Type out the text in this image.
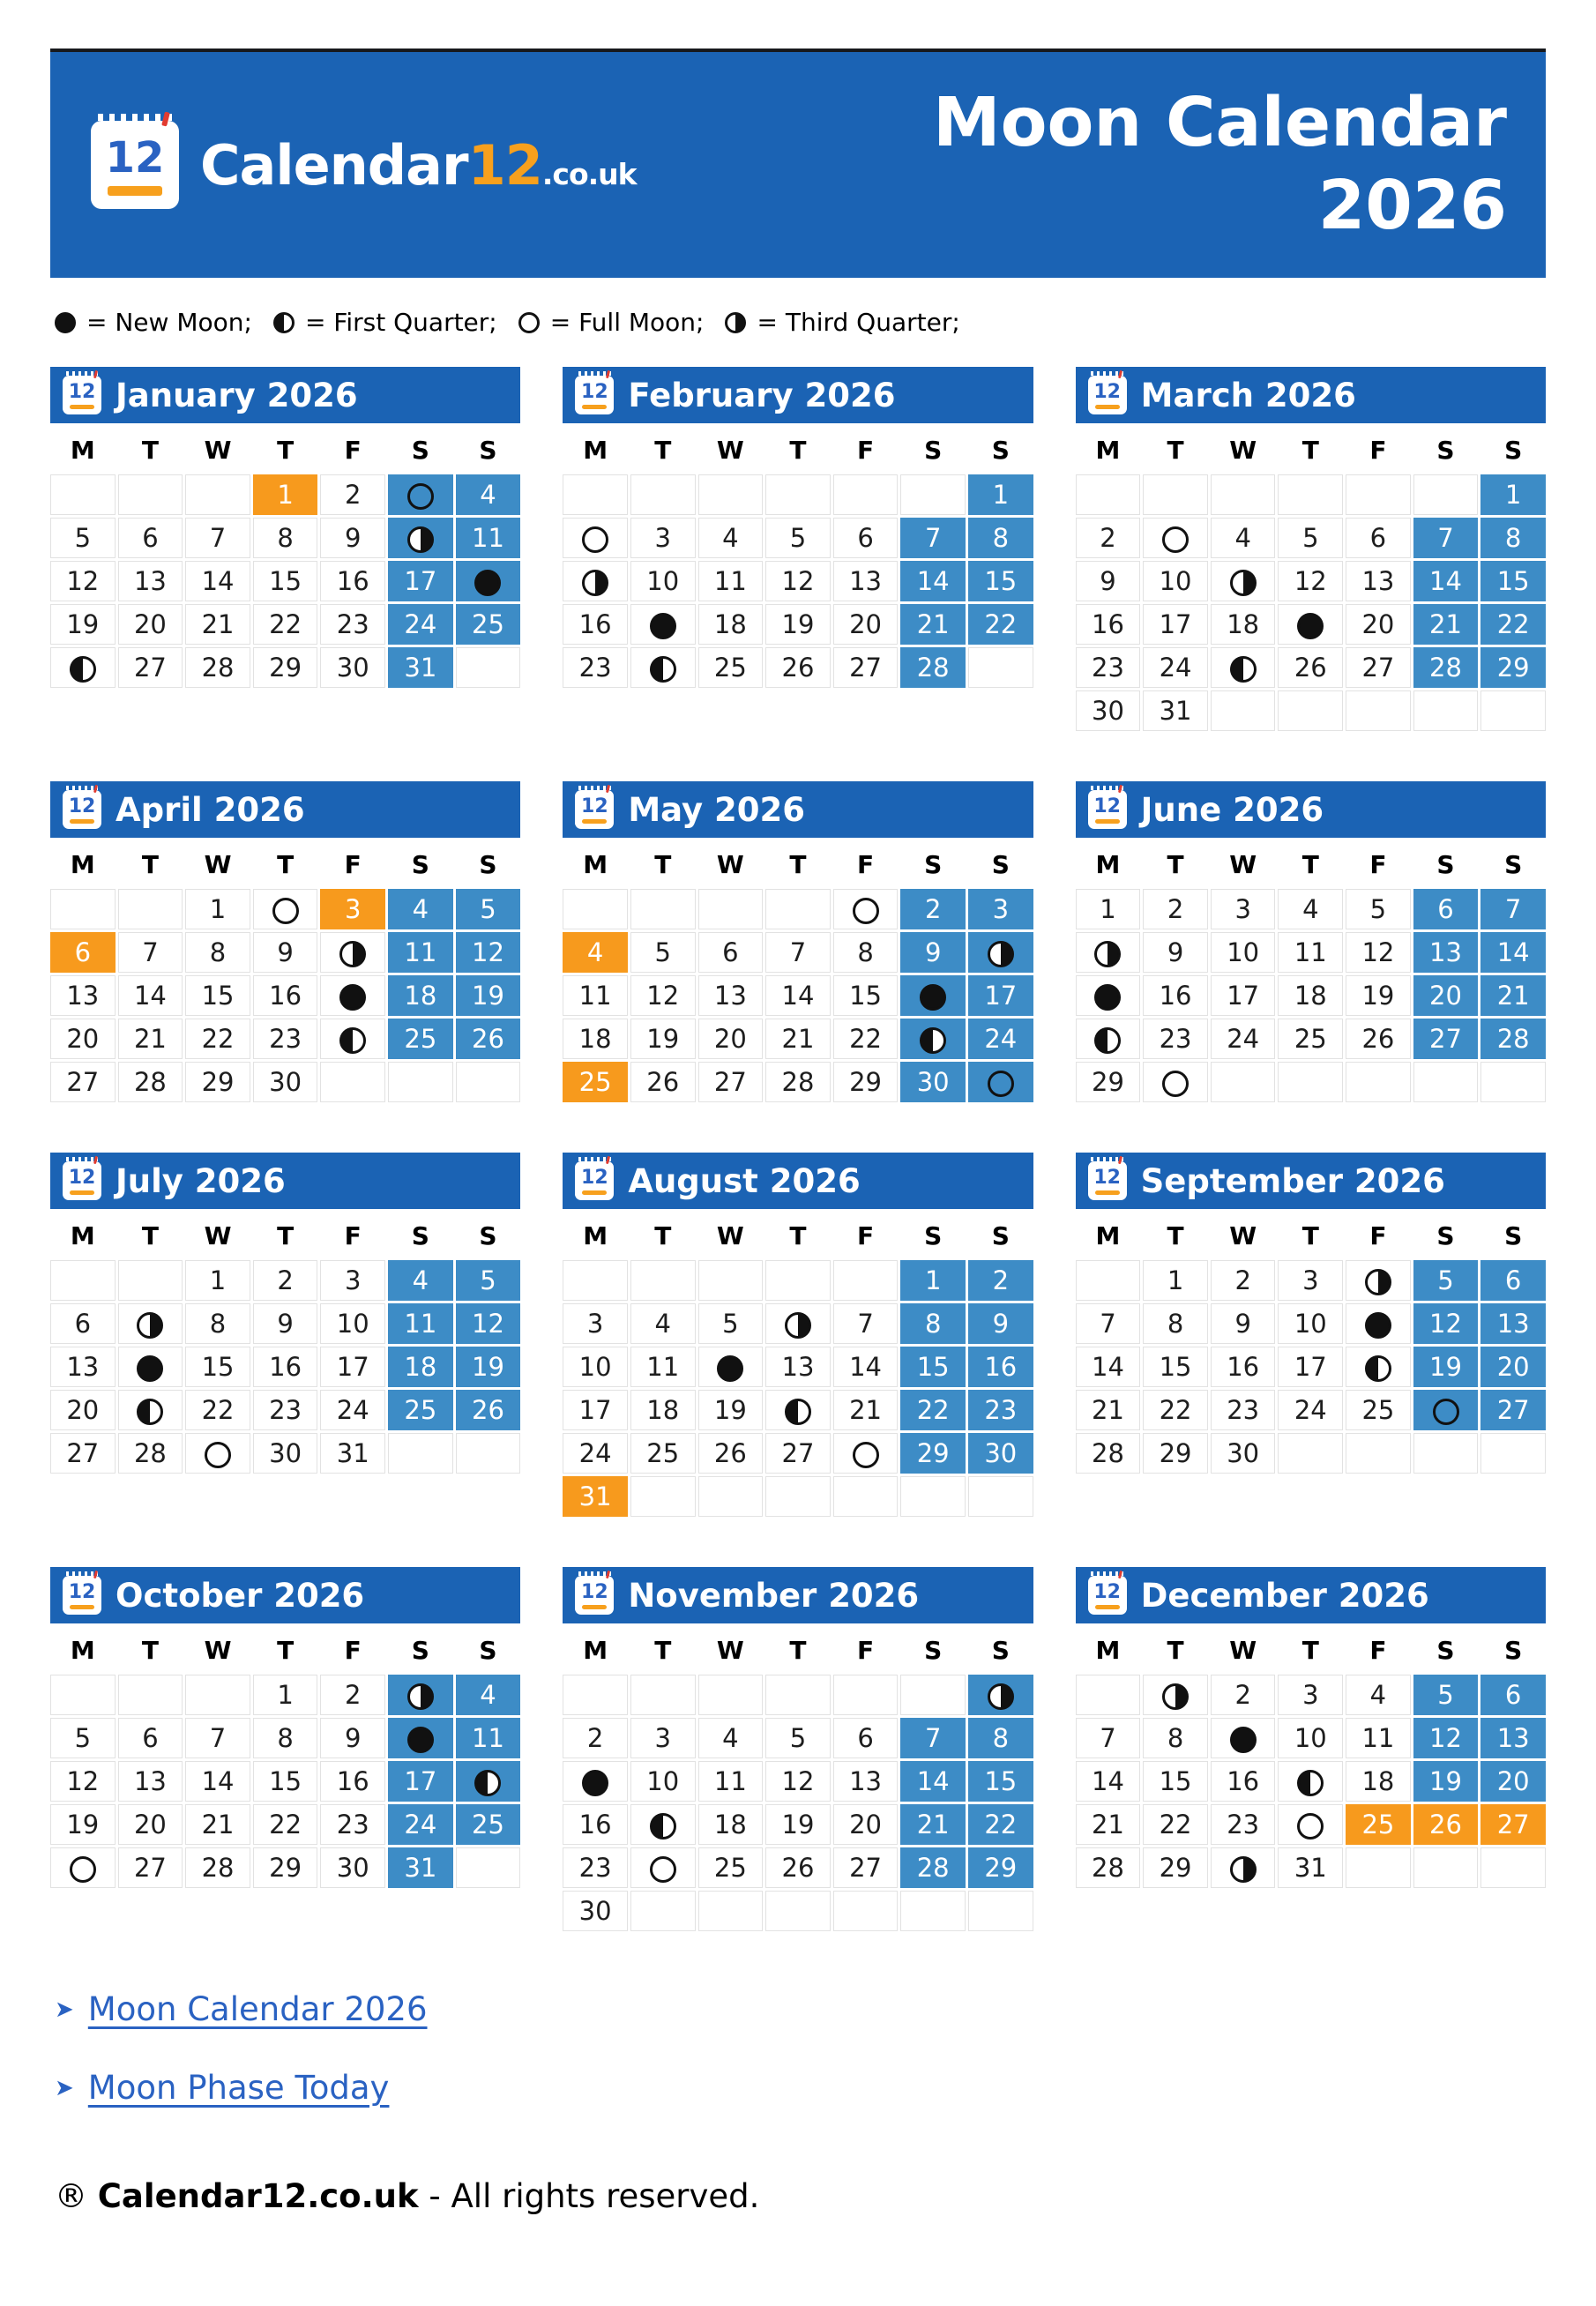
12 Calendar12.co.uk
Moon Calendar
2026
= New Moon; = First Quarter; = Full Moon; = Third Quarter;
12 January 2026
M	T	W	T	F	S	S
			1	2		4
5	6	7	8	9		11
12	13	14	15	16	17	
19	20	21	22	23	24	25
	27	28	29	30	31	
12 February 2026
M	T	W	T	F	S	S
						1
	3	4	5	6	7	8
	10	11	12	13	14	15
16		18	19	20	21	22
23		25	26	27	28	
12 March 2026
M	T	W	T	F	S	S
						1
2		4	5	6	7	8
9	10		12	13	14	15
16	17	18		20	21	22
23	24		26	27	28	29
30	31					
12 April 2026
M	T	W	T	F	S	S
		1		3	4	5
6	7	8	9		11	12
13	14	15	16		18	19
20	21	22	23		25	26
27	28	29	30			
12 May 2026
M	T	W	T	F	S	S
					2	3
4	5	6	7	8	9	
11	12	13	14	15		17
18	19	20	21	22		24
25	26	27	28	29	30	
12 June 2026
M	T	W	T	F	S	S
1	2	3	4	5	6	7
	9	10	11	12	13	14
	16	17	18	19	20	21
	23	24	25	26	27	28
29						
12 July 2026
M	T	W	T	F	S	S
		1	2	3	4	5
6		8	9	10	11	12
13		15	16	17	18	19
20		22	23	24	25	26
27	28		30	31		
12 August 2026
M	T	W	T	F	S	S
					1	2
3	4	5		7	8	9
10	11		13	14	15	16
17	18	19		21	22	23
24	25	26	27		29	30
31						
12 September 2026
M	T	W	T	F	S	S
	1	2	3		5	6
7	8	9	10		12	13
14	15	16	17		19	20
21	22	23	24	25		27
28	29	30				
12 October 2026
M	T	W	T	F	S	S
			1	2		4
5	6	7	8	9		11
12	13	14	15	16	17	
19	20	21	22	23	24	25
	27	28	29	30	31	
12 November 2026
M	T	W	T	F	S	S

2	3	4	5	6	7	8
	10	11	12	13	14	15
16		18	19	20	21	22
23		25	26	27	28	29
30						
12 December 2026
M	T	W	T	F	S	S
		2	3	4	5	6
7	8		10	11	12	13
14	15	16		18	19	20
21	22	23		25	26	27
28	29		31			
➤ Moon Calendar 2026
➤ Moon Phase Today
® Calendar12.co.uk - All rights reserved.
